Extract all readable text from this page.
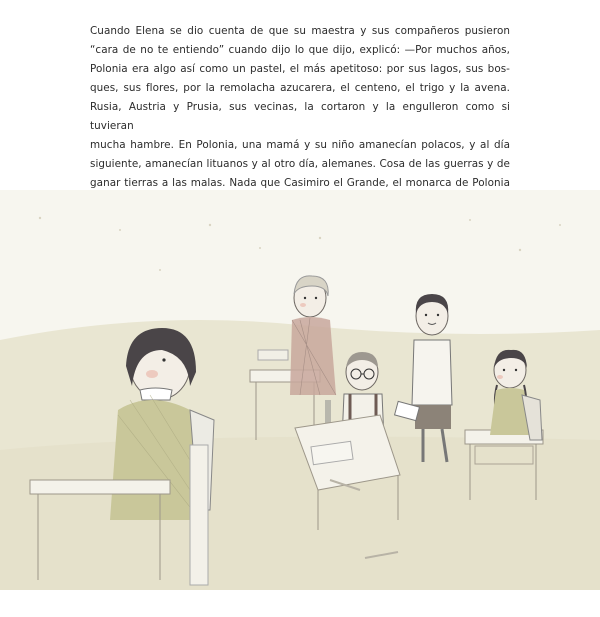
Cuando Elena se dio cuenta de que su maestra y sus compañeros pusieron
“cara de no te entiendo” cuando dijo lo que dijo, explicó: —Por muchos años,
Polonia era algo así como un pastel, el más apetitoso: por sus lagos, sus bos-
ques, sus flores, por la remolacha azucarera, el centeno, el trigo y la avena.
Rusia, Austria y Prusia, sus vecinas, la cortaron y la engulleron como si tuvieran
mucha hambre. En Polonia, una mamá y su niño amanecían polacos, y al día
siguiente, amanecían lituanos y al otro día, alemanes. Cosa de las guerras y de
ganar tierras a las malas. Nada que Casimiro el Grande, el monarca de Polonia
